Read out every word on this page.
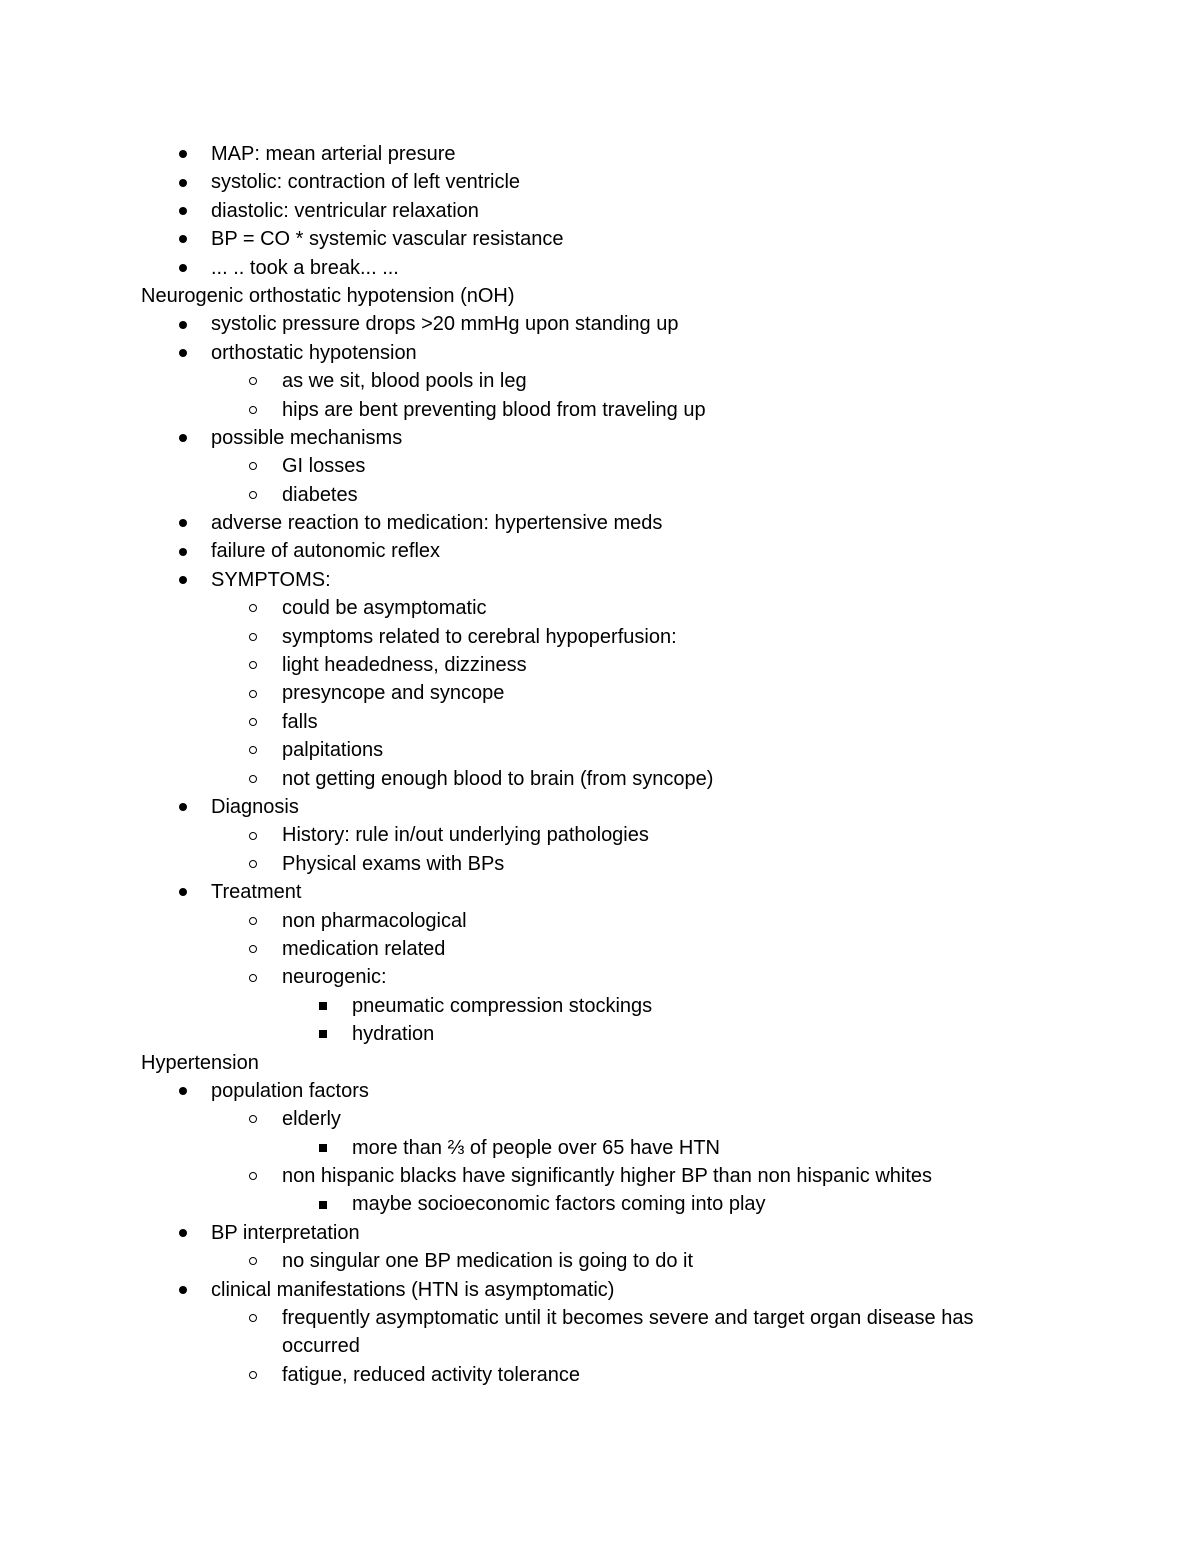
MAP: mean arterial presure
systolic: contraction of left ventricle
diastolic: ventricular relaxation
BP = CO * systemic vascular resistance
... .. took a break... ...
Neurogenic orthostatic hypotension (nOH)
systolic pressure drops >20 mmHg upon standing up
orthostatic hypotension
as we sit, blood pools in leg
hips are bent preventing blood from traveling up
possible mechanisms
GI losses
diabetes
adverse reaction to medication: hypertensive meds
failure of autonomic reflex
SYMPTOMS:
could be asymptomatic
symptoms related to cerebral hypoperfusion:
light headedness, dizziness
presyncope and syncope
falls
palpitations
not getting enough blood to brain (from syncope)
Diagnosis
History: rule in/out underlying pathologies
Physical exams with BPs
Treatment
non pharmacological
medication related
neurogenic:
pneumatic compression stockings
hydration
Hypertension
population factors
elderly
more than ⅔ of people over 65 have HTN
non hispanic blacks have significantly higher BP than non hispanic whites
maybe socioeconomic factors coming into play
BP interpretation
no singular one BP medication is going to do it
clinical manifestations (HTN is asymptomatic)
frequently asymptomatic until it becomes severe and target organ disease has occurred
fatigue, reduced activity tolerance
